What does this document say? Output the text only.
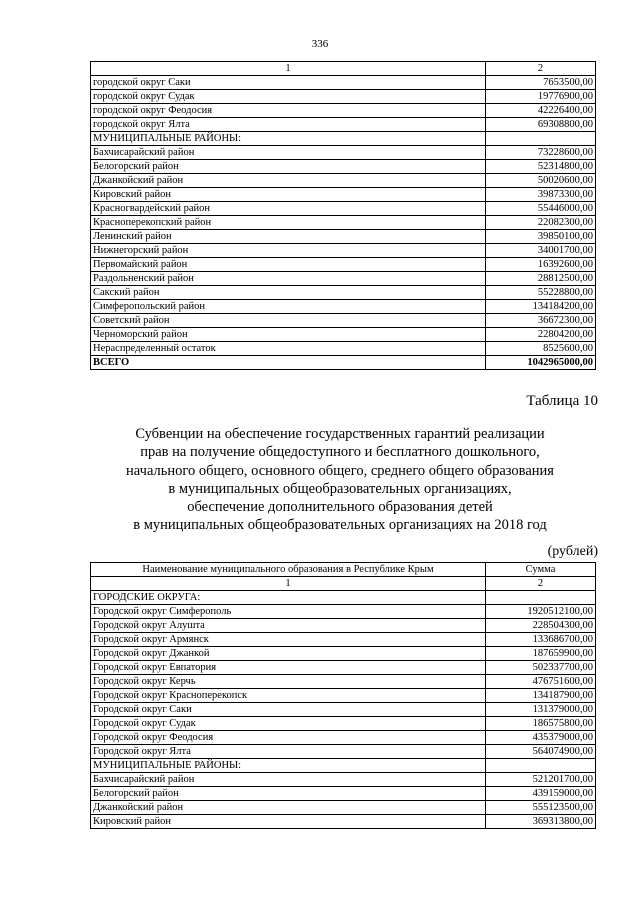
336
1	2
городской округ Саки	7653500,00
городской округ Судак	19776900,00
городской округ Феодосия	42226400,00
городской округ Ялта	69308800,00
МУНИЦИПАЛЬНЫЕ РАЙОНЫ:	
Бахчисарайский район	73228600,00
Белогорский район	52314800,00
Джанкойский район	50020600,00
Кировский район	39873300,00
Красногвардейский район	55446000,00
Красноперекопский район	22082300,00
Ленинский район	39850100,00
Нижнегорский район	34001700,00
Первомайский район	16392600,00
Раздольненский район	28812500,00
Сакский район	55228800,00
Симферопольский район	134184200,00
Советский район	36672300,00
Черноморский район	22804200,00
Нераспределенный остаток	8525600,00
ВСЕГО	1042965000,00
Таблица 10
Субвенции на обеспечение государственных гарантий реализации
прав на получение общедоступного и бесплатного дошкольного,
начального общего, основного общего, среднего общего образования
в муниципальных общеобразовательных организациях,
обеспечение дополнительного образования детей
в муниципальных общеобразовательных организациях на 2018 год
(рублей)
Наименование муниципального образования в Республике Крым	Сумма
1	2
ГОРОДСКИЕ ОКРУГА:	
Городской округ Симферополь	1920512100,00
Городской округ Алушта	228504300,00
Городской округ Армянск	133686700,00
Городской округ Джанкой	187659900,00
Городской округ Евпатория	502337700,00
Городской округ Керчь	476751600,00
Городской округ Красноперекопск	134187900,00
Городской округ Саки	131379000,00
Городской округ Судак	186575800,00
Городской округ Феодосия	435379000,00
Городской округ Ялта	564074900,00
МУНИЦИПАЛЬНЫЕ РАЙОНЫ:	
Бахчисарайский район	521201700,00
Белогорский район	439159000,00
Джанкойский район	555123500,00
Кировский район	369313800,00
